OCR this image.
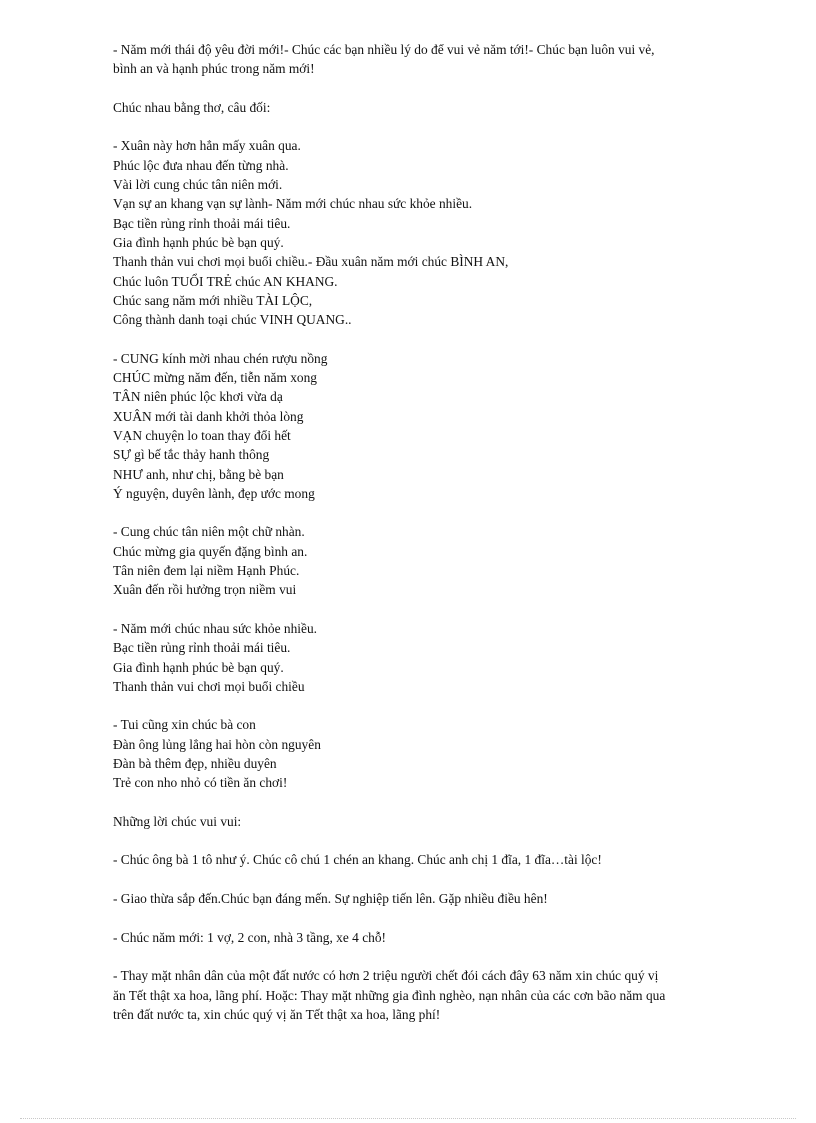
- Năm mới thái độ yêu đời mới!- Chúc các bạn nhiều lý do để vui vẻ năm tới!- Chúc bạn luôn vui vẻ,
bình an và hạnh phúc trong năm mới!
Chúc nhau bằng thơ, câu đối:
- Xuân này hơn hẳn mấy xuân qua.
Phúc lộc đưa nhau đến từng nhà.
Vài lời cung chúc tân niên mới.
Vạn sự an khang vạn sự lành- Năm mới chúc nhau sức khỏe nhiều.
Bạc tiền rủng rỉnh thoải mái tiêu.
Gia đình hạnh phúc bè bạn quý.
Thanh thản vui chơi mọi buổi chiều.- Đầu xuân năm mới chúc BÌNH AN,
Chúc luôn TUỔI TRẺ chúc AN KHANG.
Chúc sang năm mới nhiều TÀI LỘC,
Công thành danh toại chúc VINH QUANG..
- CUNG kính mời nhau chén rượu nồng
CHÚC mừng năm đến, tiễn năm xong
TÂN niên phúc lộc khơi vừa dạ
XUÂN mới tài danh khởi thỏa lòng
VẠN chuyện lo toan thay đổi hết
SỰ gì bế tắc thảy hanh thông
NHƯ anh, như chị, bằng bè bạn
Ý nguyện, duyên lành, đẹp ước mong
- Cung chúc tân niên một chữ nhàn.
Chúc mừng gia quyến đặng bình an.
Tân niên đem lại niềm Hạnh Phúc.
Xuân đến rồi hưởng trọn niềm vui
- Năm mới chúc nhau sức khỏe nhiều.
Bạc tiền rủng rỉnh thoải mái tiêu.
Gia đình hạnh phúc bè bạn quý.
Thanh thản vui chơi mọi buổi chiều
- Tui cũng xin chúc bà con
Đàn ông lủng lẳng hai hòn còn nguyên
Đàn bà thêm đẹp, nhiều duyên
Trẻ con nho nhỏ có tiền ăn chơi!
Những lời chúc vui vui:
- Chúc ông bà 1 tô như ý. Chúc cô chú 1 chén an khang. Chúc anh chị 1 đĩa, 1 đĩa…tài lộc!
- Giao thừa sắp đến.Chúc bạn đáng mến. Sự nghiệp tiến lên. Gặp nhiều điều hên!
- Chúc năm mới: 1 vợ, 2 con, nhà 3 tầng, xe 4 chỗ!
- Thay mặt nhân dân của một đất nước có hơn 2 triệu người chết đói cách đây 63 năm xin chúc quý vị
ăn Tết thật xa hoa, lãng phí. Hoặc: Thay mặt những gia đình nghèo, nạn nhân của các cơn bão năm qua
trên đất nước ta, xin chúc quý vị ăn Tết thật xa hoa, lãng phí!
